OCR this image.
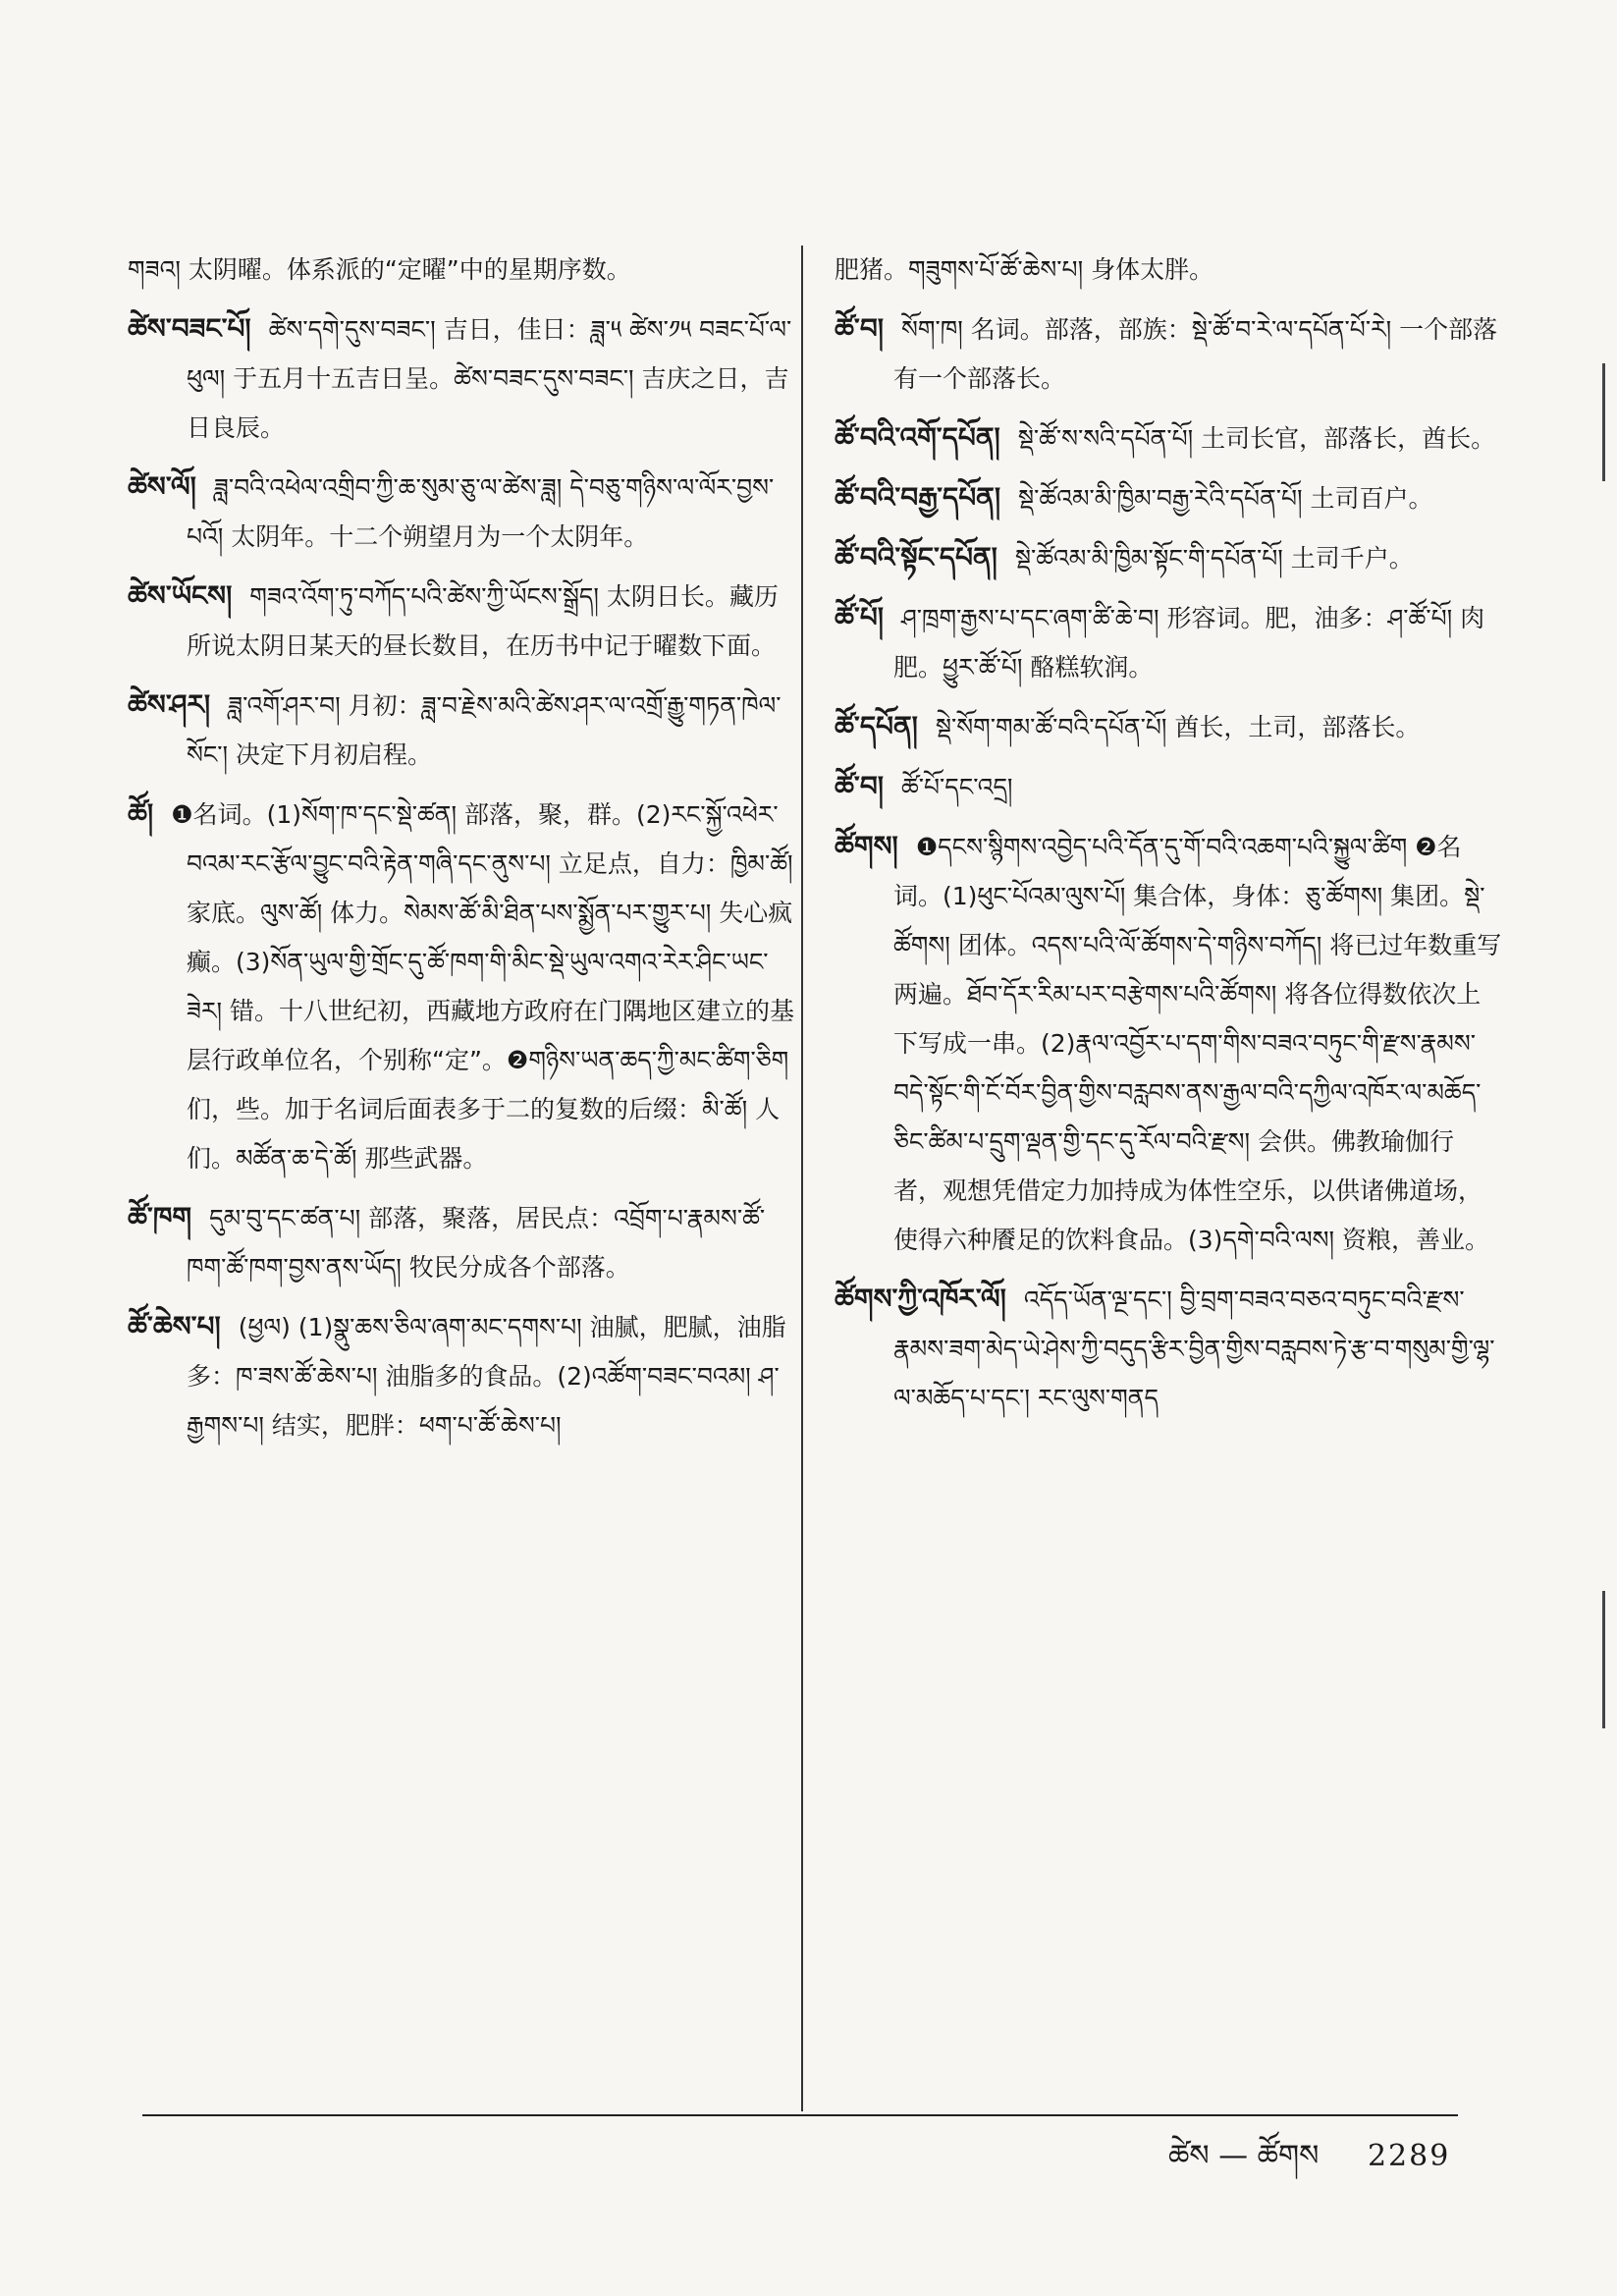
གཟའ། 太阴曜。体系派的“定曜”中的星期序数。
ཚེས་བཟང་པོ། ཚེས་དགེ་དུས་བཟང་། 吉日，佳日：ཟླ་༥ ཚེས་༡༥ བཟང་པོ་ལ་ཕུལ། 于五月十五吉日呈。ཚེས་བཟང་དུས་བཟང་། 吉庆之日，吉日良辰。
ཚེས་ལོ། ཟླ་བའི་འཕེལ་འགྲིབ་ཀྱི་ཆ་སུམ་ཅུ་ལ་ཚེས་ཟླ། དེ་བཅུ་གཉིས་ལ་ལོར་བྱས་པའོ། 太阴年。十二个朔望月为一个太阴年。
ཚེས་ཡོངས། གཟའ་འོག་ཏུ་བཀོད་པའི་ཚེས་ཀྱི་ཡོངས་སྒྲོད། 太阴日长。藏历所说太阴日某天的昼长数目，在历书中记于曜数下面。
ཚེས་ཤར། ཟླ་འགོ་ཤར་བ། 月初：ཟླ་བ་རྗེས་མའི་ཚེས་ཤར་ལ་འགྲོ་རྒྱུ་གཏན་ཁེལ་སོང་། 决定下月初启程。
ཚོ། ❶名词。(1)སོག་ཁ་དང་སྡེ་ཚན། 部落，聚，群。(2)རང་སྐྱོ་འཕེར་བའམ་རང་རྩོལ་བྱུང་བའི་རྟེན་གཞི་དང་ནུས་པ། 立足点，自力：ཁྱིམ་ཚོ། 家底。ལུས་ཚོ། 体力。སེམས་ཚོ་མི་ཐིན་པས་སྨྱོན་པར་གྱུར་པ། 失心疯癫。(3)སོན་ཡུལ་གྱི་གྲོང་དུ་ཚོ་ཁག་གི་མིང་སྡེ་ཡུལ་འགའ་རེར་ཤིང་ཡང་ཟེར། 错。十八世纪初，西藏地方政府在门隅地区建立的基层行政单位名，个别称“定”。❷གཉིས་ཡན་ཆད་ཀྱི་མང་ཚིག་ཅིག 们，些。加于名词后面表多于二的复数的后缀：མི་ཚོ། 人们。མཚོན་ཆ་དེ་ཚོ། 那些武器。
ཚོ་ཁག དུམ་བུ་དང་ཚན་པ། 部落，聚落，居民点：འབྲོག་པ་རྣམས་ཚོ་ཁག་ཚོ་ཁག་བྱས་ནས་ཡོད། 牧民分成各个部落。
ཚོ་ཆེས་པ། (ཕྱལ) (1)སྣུ་ཆས་ཅིལ་ཞག་མང་དགས་པ། 油腻，肥腻，油脂多：ཁ་ཟས་ཚོ་ཆེས་པ། 油脂多的食品。(2)འཚོག་བཟང་བའམ། ཤ་རྒྱགས་པ། 结实，肥胖：ཕག་པ་ཚོ་ཆེས་པ།
肥猪。གཟུགས་པོ་ཚོ་ཆེས་པ། 身体太胖。
ཚོ་བ། སོག་ཁ། 名词。部落，部族：སྡེ་ཚོ་བ་རེ་ལ་དཔོན་པོ་རེ། 一个部落有一个部落长。
ཚོ་བའི་འགོ་དཔོན། སྡེ་ཚོ་ས་སའི་དཔོན་པོ། 土司长官，部落长，酋长。
ཚོ་བའི་བརྒྱ་དཔོན། སྡེ་ཚོའམ་མི་ཁྱིམ་བརྒྱ་རེའི་དཔོན་པོ། 土司百户。
ཚོ་བའི་སྟོང་དཔོན། སྡེ་ཚོའམ་མི་ཁྱིམ་སྟོང་གི་དཔོན་པོ། 土司千户。
ཚོ་པོ། ཤ་ཁྲག་རྒྱས་པ་དང་ཞག་ཚི་ཆེ་བ། 形容词。肥，油多：ཤ་ཚོ་པོ། 肉肥。ཕྱུར་ཚོ་པོ། 酪糕软润。
ཚོ་དཔོན། སྡེ་སོག་གམ་ཚོ་བའི་དཔོན་པོ། 酋长，土司，部落长。
ཚོ་བ། ཚོ་པོ་དང་འདྲ།
ཚོགས། ❶དངས་སྙིགས་འབྱེད་པའི་དོན་དུ་གོ་བའི་འཆག་པའི་སྐྱུལ་ཚིག ❷名词。(1)ཕུང་པོའམ་ལུས་པོ། 集合体，身体：ཅུ་ཚོགས། 集团。སྡེ་ཚོགས། 团体。འདས་པའི་ལོ་ཚོགས་དེ་གཉིས་བཀོད། 将已过年数重写两遍。ཐོབ་དོར་རིམ་པར་བརྩེགས་པའི་ཚོགས། 将各位得数依次上下写成一串。(2)རྣལ་འབྱོར་པ་དག་གིས་བཟའ་བཏུང་གི་རྫས་རྣམས་བདེ་སྟོང་གི་ངོ་བོར་བྱིན་གྱིས་བརླབས་ནས་རྒྱལ་བའི་དཀྱིལ་འཁོར་ལ་མཆོད་ཅིང་ཚིམ་པ་དྲུག་ལྡན་གྱི་དང་དུ་རོལ་བའི་རྫས། 会供。佛教瑜伽行者，观想凭借定力加持成为体性空乐，以供诸佛道场，使得六种餍足的饮料食品。(3)དགེ་བའི་ལས། 资粮，善业。
ཚོགས་ཀྱི་འཁོར་ལོ། འདོད་ཡོན་ལྔ་དང་། བྱི་བྲག་བཟའ་བཅའ་བཏུང་བའི་རྫས་རྣམས་ཟག་མེད་ཡེ་ཤེས་ཀྱི་བདུད་རྩིར་བྱིན་གྱིས་བརླབས་ཏེ་རྩ་བ་གསུམ་གྱི་ལྷ་ལ་མཆོད་པ་དང་། རང་ལུས་གནད
ཚེས — ཚོགས 2289
